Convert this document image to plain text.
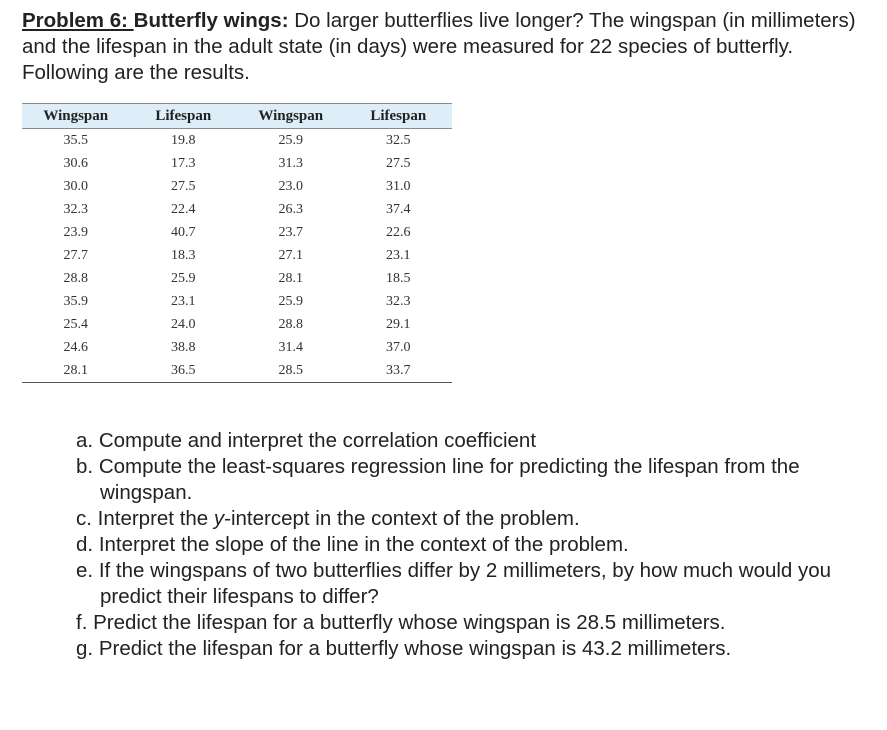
Problem 6: Butterfly wings: Do larger butterflies live longer? The wingspan (in millimeters) and the lifespan in the adult state (in days) were measured for 22 species of butterfly. Following are the results.
Wingspan	Lifespan	Wingspan	Lifespan
35.5	19.8	25.9	32.5
30.6	17.3	31.3	27.5
30.0	27.5	23.0	31.0
32.3	22.4	26.3	37.4
23.9	40.7	23.7	22.6
27.7	18.3	27.1	23.1
28.8	25.9	28.1	18.5
35.9	23.1	25.9	32.3
25.4	24.0	28.8	29.1
24.6	38.8	31.4	37.0
28.1	36.5	28.5	33.7
a. Compute and interpret the correlation coefficient
b. Compute the least-squares regression line for predicting the lifespan from the wingspan.
c. Interpret the y-intercept in the context of the problem.
d. Interpret the slope of the line in the context of the problem.
e. If the wingspans of two butterflies differ by 2 millimeters, by how much would you predict their lifespans to differ?
f. Predict the lifespan for a butterfly whose wingspan is 28.5 millimeters.
g. Predict the lifespan for a butterfly whose wingspan is 43.2 millimeters.
